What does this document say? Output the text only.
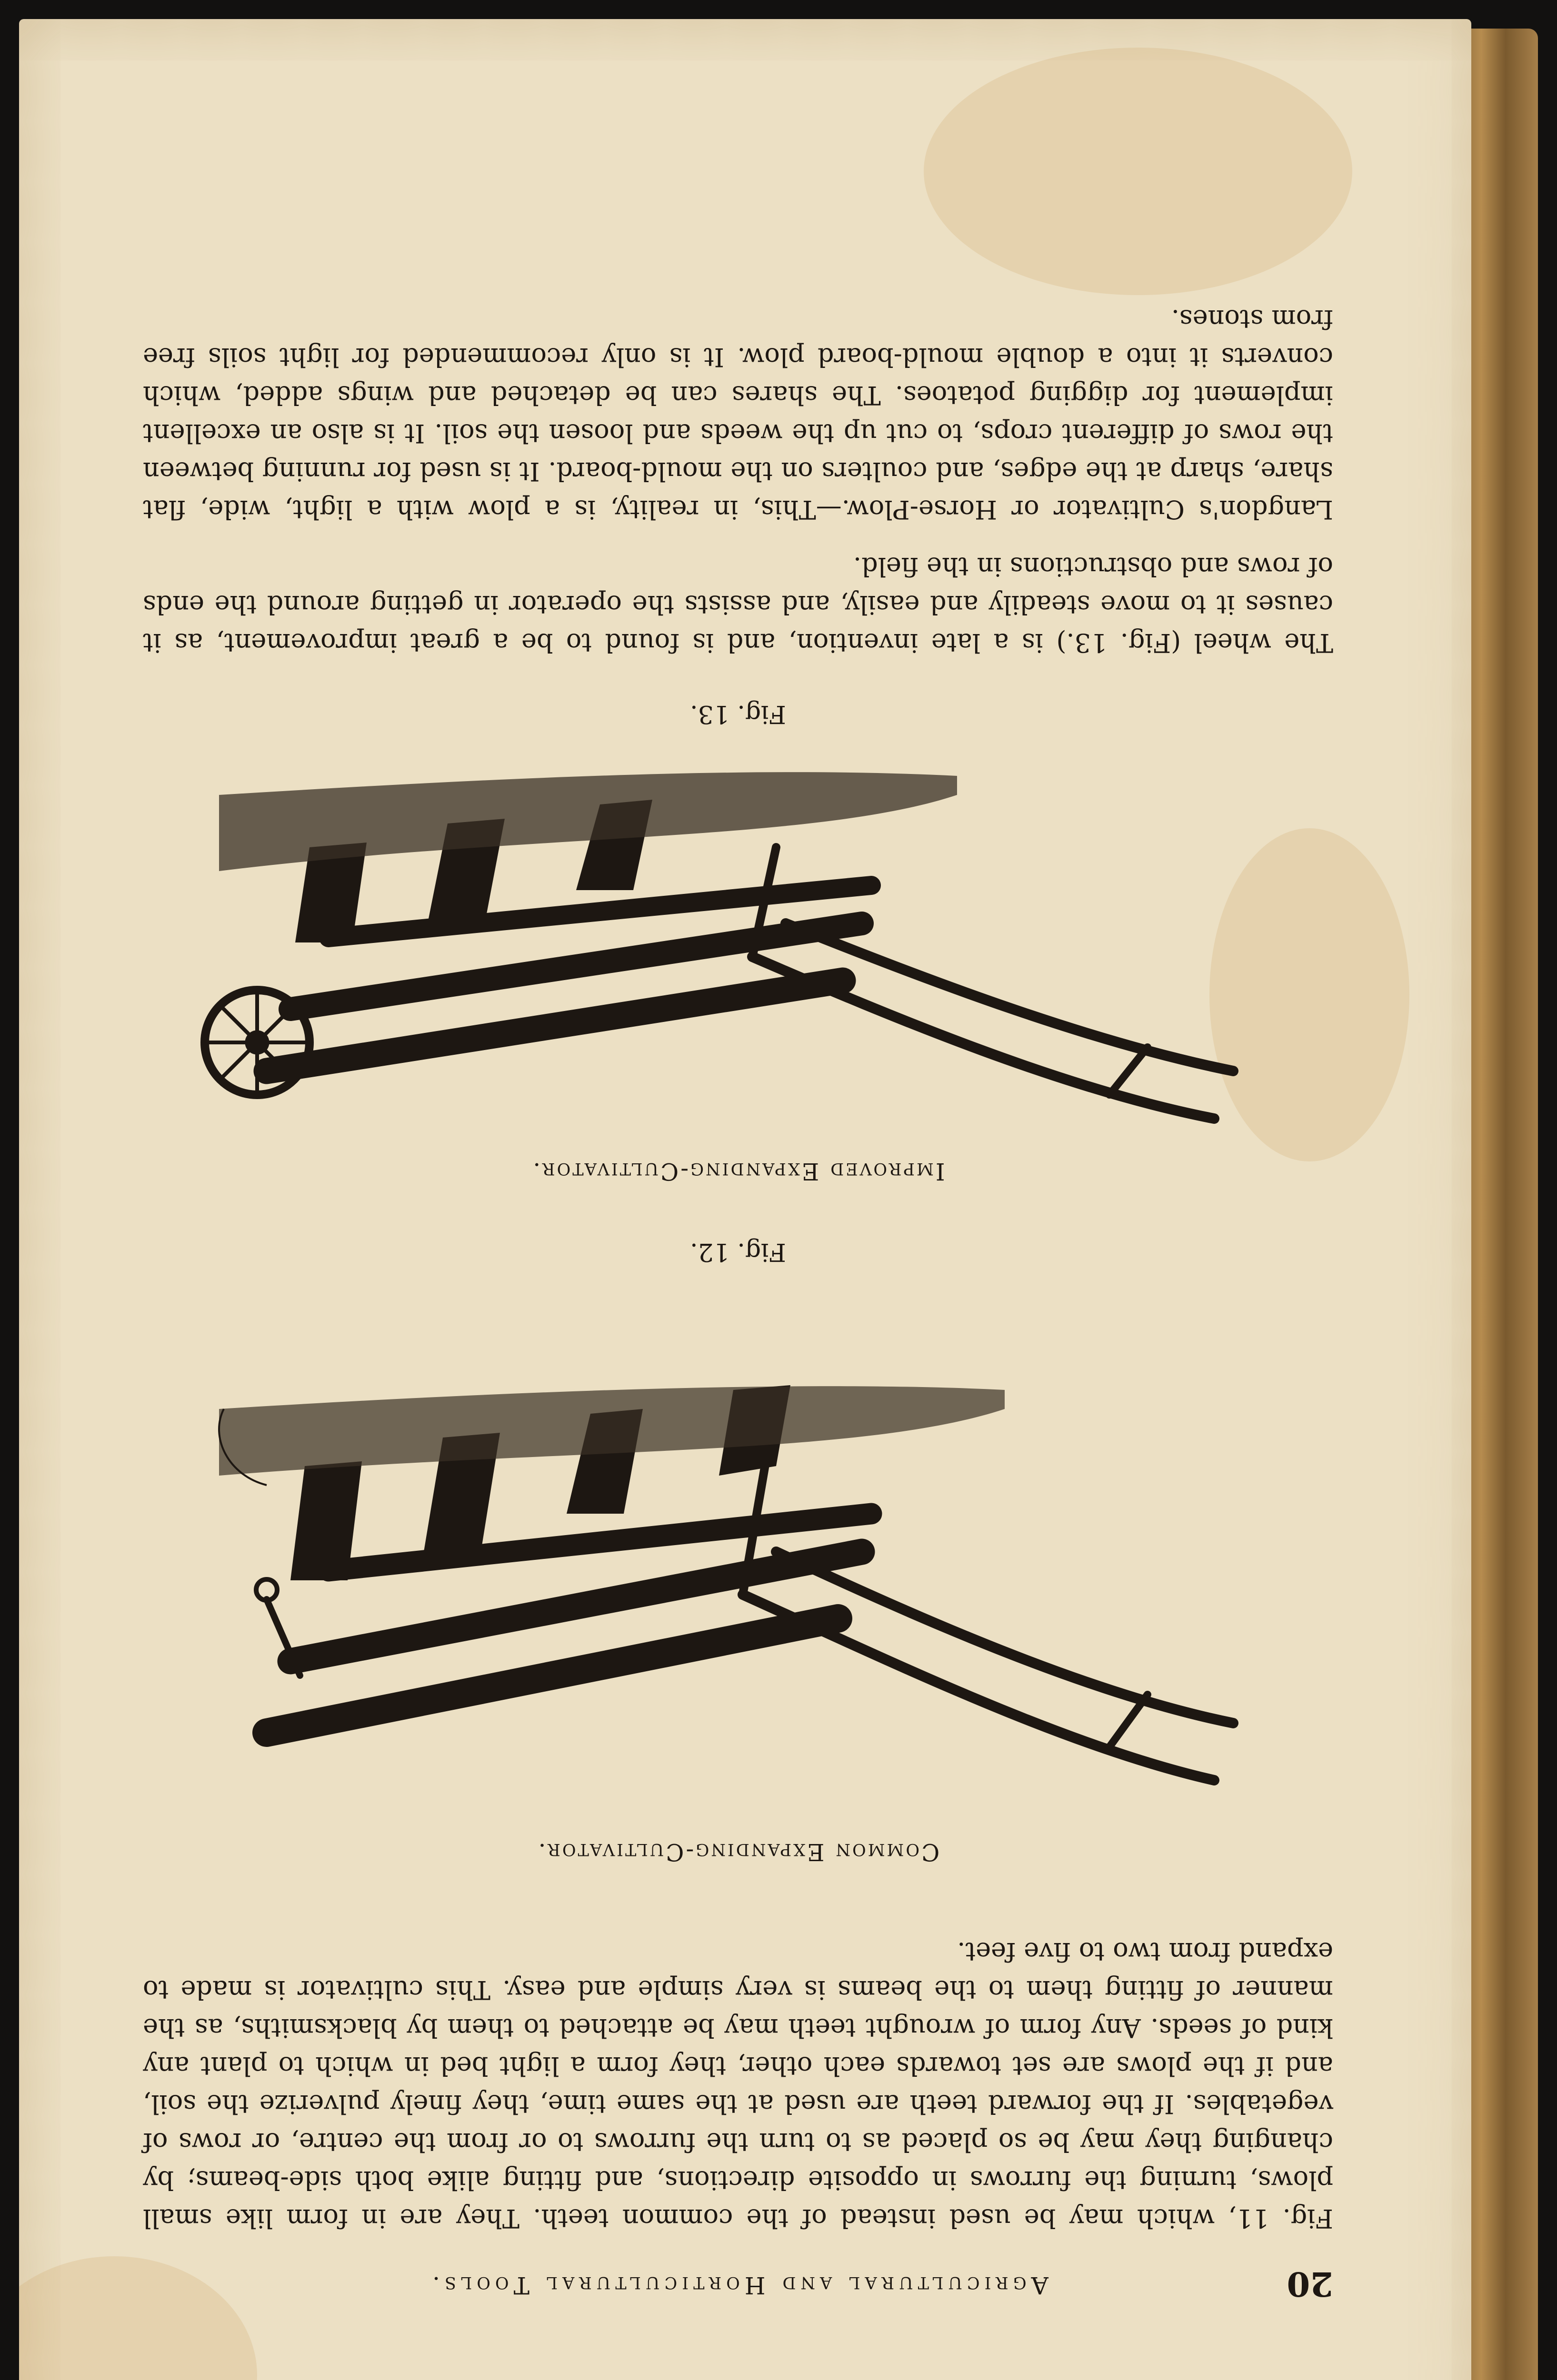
20
Agricultural and Horticultural Tools.
Fig. 11, which may be used instead of the common teeth. They are in form like small plows, turning the furrows in opposite directions, and fitting alike both side-beams; by changing they may be so placed as to turn the furrows to or from the centre, or rows of vegetables. If the forward teeth are used at the same time, they finely pulverize the soil, and if the plows are set towards each other, they form a light bed in which to plant any kind of seeds. Any form of wrought teeth may be attached to them by blacksmiths, as the manner of fitting them to the beams is very simple and easy. This cultivator is made to expand from two to five feet.
Common Expanding-Cultivator.
Fig. 12.
Improved Expanding-Cultivator.
Fig. 13.
The wheel (Fig. 13.) is a late invention, and is found to be a great improvement, as it causes it to move steadily and easily, and assists the operator in getting around the ends of rows and obstructions in the field.
Langdon's Cultivator or Horse-Plow.—This, in reality, is a plow with a light, wide, flat share, sharp at the edges, and coulters on the mould-board. It is used for running between the rows of different crops, to cut up the weeds and loosen the soil. It is also an excellent implement for digging potatoes. The shares can be detached and wings added, which converts it into a double mould-board plow. It is only recommended for light soils free from stones.
